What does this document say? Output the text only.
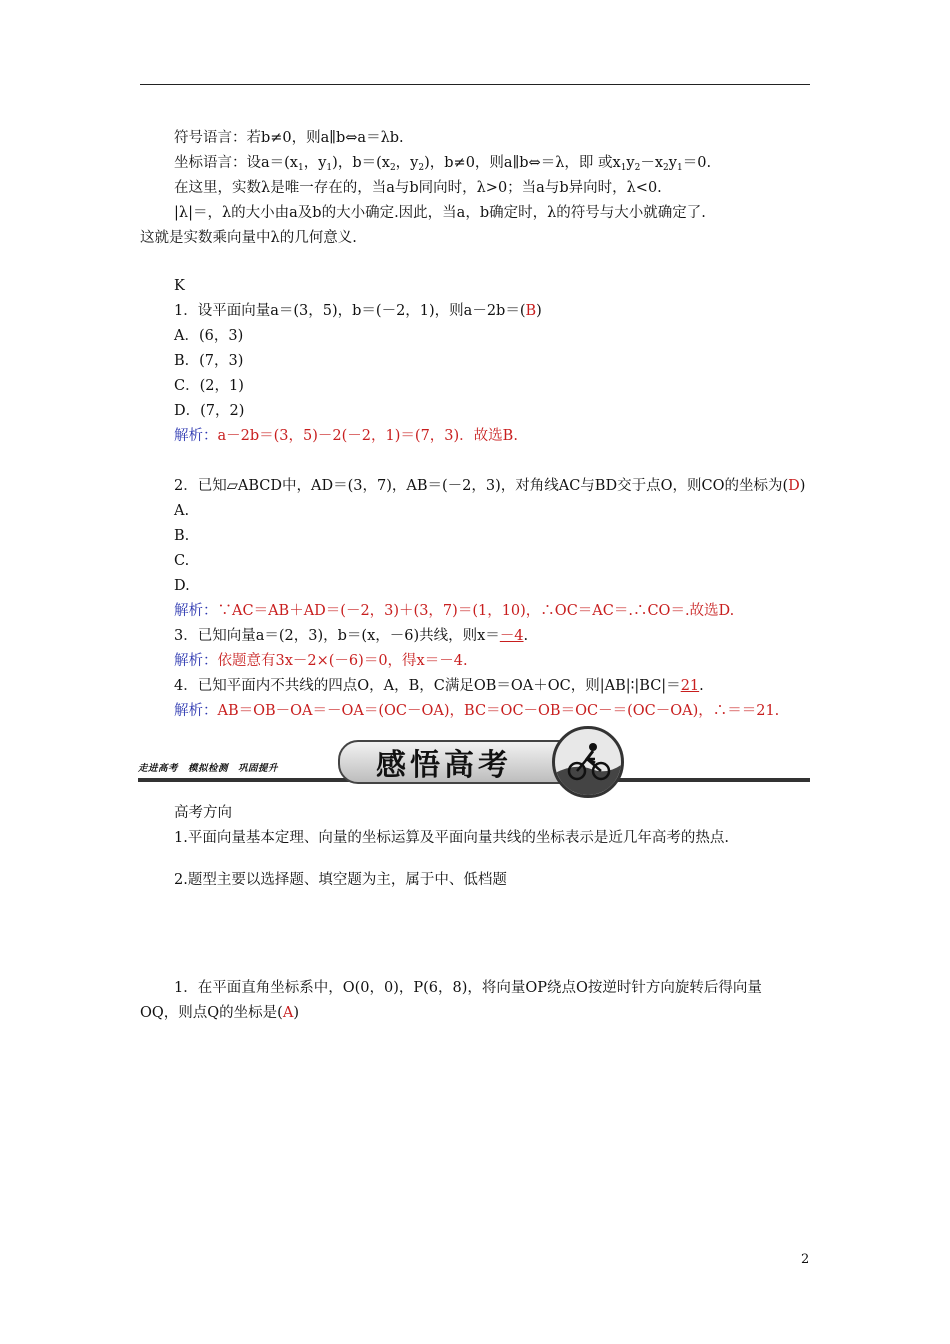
符号语言：若b≠0，则a∥b⇔a＝λb.
坐标语言：设$a=(x_1$，$y_1$)，$b=(x_2$，$y_2$)，b≠0，则a∥b⇔＝λ，即 或$x_1y_2-x_2y_1=0$.
在这里，实数λ是唯一存在的，当a与b同向时，λ>0；当a与b异向时，λ<0.
|λ|＝，λ的大小由a及b的大小确定.因此，当a，b确定时，λ的符号与大小就确定了.
这就是实数乘向量中λ的几何意义.
K
1．设平面向量a＝(3，5)，b＝(－2，1)，则a－2b＝(B)
A．(6，3)
B．(7，3)
C．(2，1)
D．(7，2)
解析：a－2b＝(3，5)－2(－2，1)＝(7，3)．故选B.
2．已知▱ABCD中，AD＝(3，7)，AB＝(－2，3)，对角线AC与BD交于点O，则CO的坐标为(D)
A.
B.
C.
D.
解析：∵AC＝AB＋AD＝(－2，3)＋(3，7)＝(1，10)，∴OC＝AC＝.∴CO＝.故选D.
3．已知向量a＝(2，3)，b＝(x，－6)共线，则x＝－4.
解析：依题意有3x－2×(－6)＝0，得x＝－4.
4．已知平面内不共线的四点O，A，B，C满足OB＝OA＋OC，则|AB|∶|BC|＝21.
解析：AB＝OB－OA＝－OA＝(OC－OA)，BC＝OC－OB＝OC－＝(OC－OA)，∴＝＝21.
走进高考　模拟检测　巩固提升	感悟高考
高考方向
1.平面向量基本定理、向量的坐标运算及平面向量共线的坐标表示是近几年高考的热点.
2.题型主要以选择题、填空题为主，属于中、低档题
1．在平面直角坐标系中，O(0，0)，P(6，8)，将向量OP绕点O按逆时针方向旋转后得向量
OQ，则点Q的坐标是(A)
2
